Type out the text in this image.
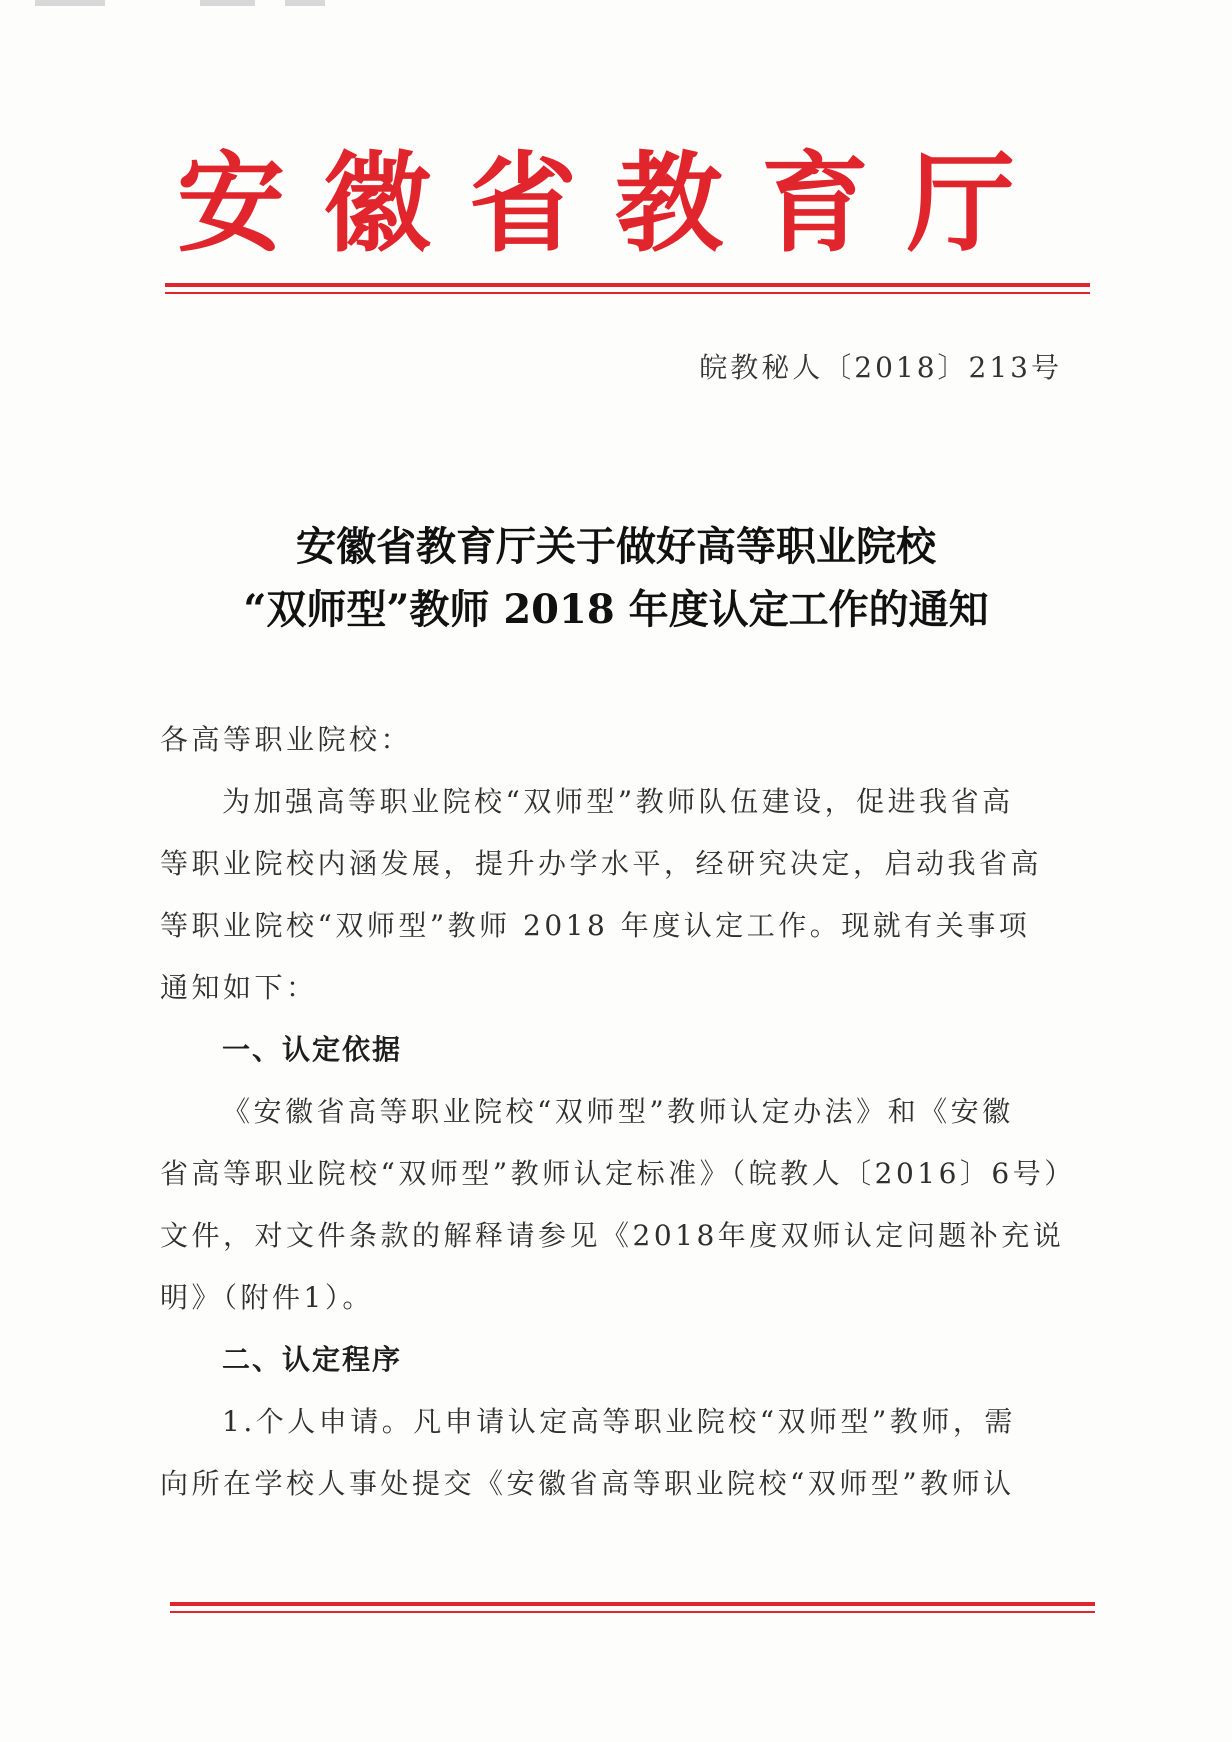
安徽省教育厅
皖教秘人〔2018〕213号
安徽省教育厅关于做好高等职业院校
“双师型”教师 2018 年度认定工作的通知
各高等职业院校：
为加强高等职业院校“双师型”教师队伍建设，促进我省高
等职业院校内涵发展，提升办学水平，经研究决定，启动我省高
等职业院校“双师型”教师 2018 年度认定工作。现就有关事项
通知如下：
一、认定依据
《安徽省高等职业院校“双师型”教师认定办法》和《安徽
省高等职业院校“双师型”教师认定标准》（皖教人〔2016〕6号）
文件，对文件条款的解释请参见《2018年度双师认定问题补充说
明》（附件1）。
二、认定程序
1.个人申请。凡申请认定高等职业院校“双师型”教师，需
向所在学校人事处提交《安徽省高等职业院校“双师型”教师认
